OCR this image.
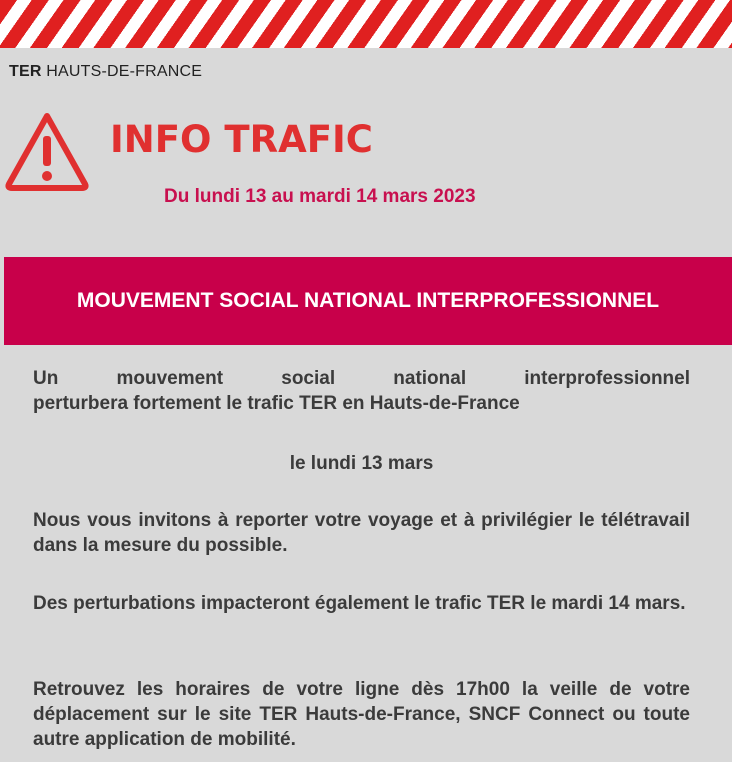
TER HAUTS-DE-FRANCE
INFO TRAFIC
Du lundi 13 au mardi 14 mars 2023
MOUVEMENT SOCIAL NATIONAL INTERPROFESSIONNEL
Un	mouvement	social	national	interprofessionnel
perturbera fortement le trafic TER en Hauts-de-France
le lundi 13 mars
Nous vous invitons à reporter votre voyage et à privilégier le télétravail dans la mesure du possible.
Des perturbations impacteront également le trafic TER le mardi 14 mars.
Retrouvez les horaires de votre ligne dès 17h00 la veille de votre déplacement sur le site TER Hauts-de-France, SNCF Connect ou toute autre application de mobilité.
